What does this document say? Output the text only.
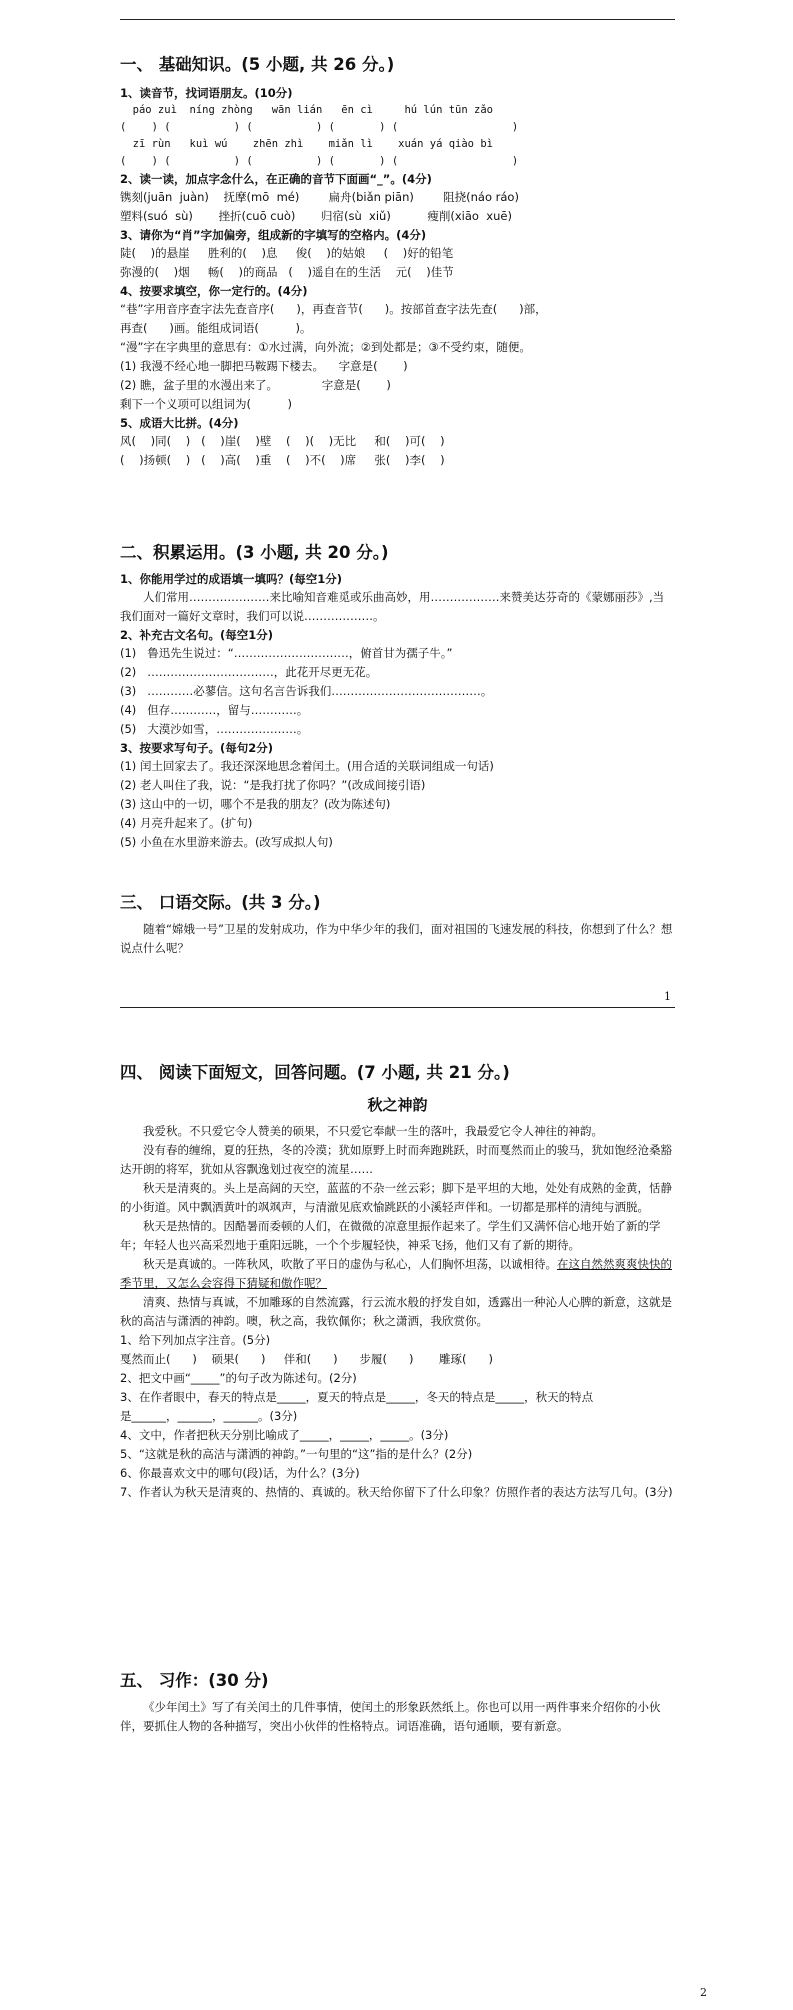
一、 基础知识。(5 小题, 共 26 分。)

1、读音节，找词语朋友。(10分)

páo zuì  níng zhòng   wān lián   ēn cì     hú lún tūn zǎo

(    ) (          ) (          ) (       ) (                  )

zī rùn   kuì wú    zhēn zhì    miǎn lì    xuán yá qiào bì

(    ) (          ) (          ) (       ) (                  )

2、读一读，加点字念什么，在正确的音节下面画“_”。(4分)

镌刻(juān  juàn)    抚摩(mō  mé)        扁舟(biǎn piān)        阻挠(náo ráo)

塑料(suó  sù)       挫折(cuō cuò)       归宿(sù  xiǔ)          瘦削(xiāo  xuē)

3、请你为“肖”字加偏旁，组成新的字填写的空格内。(4分)

陡(    )的悬崖     胜利的(    )息     俊(    )的姑娘     (    )好的铅笔

弥漫的(    )烟     畅(    )的商品   (    )遥自在的生活    元(    )佳节

4、按要求填空，你一定行的。(4分)

“巷”字用音序查字法先查音序(      )，再查音节(      )。按部首查字法先查(      )部，

再查(      )画。能组成词语(          )。

“漫”字在字典里的意思有：①水过满，向外流；②到处都是；③不受约束，随便。

(1) 我漫不经心地一脚把马鞍踢下楼去。    字意是(       )

(2) 瞧，盆子里的水漫出来了。            字意是(       )

剩下一个义项可以组词为(          )

5、成语大比拼。(4分)

风(    )同(    )   (    )崖(    )壁    (    )(    )无比     和(    )可(    )

(    )扬顿(    )   (    )高(    )重    (    )不(    )席     张(    )李(    )

二、积累运用。(3 小题, 共 20 分。)

1、你能用学过的成语填一填吗？(每空1分)

人们常用…………………来比喻知音难觅或乐曲高妙，用………………来赞美达芬奇的《蒙娜丽莎》,当我们面对一篇好文章时，我们可以说………………。

2、补充古文名句。(每空1分)

(1)   鲁迅先生说过：“…………………………，俯首甘为孺子牛。”

(2)   ……………………………，此花开尽更无花。

(3)   …………必蓼信。这句名言告诉我们…………………………………。

(4)   但存…………，留与…………。

(5)   大漠沙如雪，…………………。

3、按要求写句子。(每句2分)

(1) 闰土回家去了。我还深深地思念着闰土。(用合适的关联词组成一句话)

(2) 老人叫住了我，说：“是我打扰了你吗？”(改成间接引语)

(3) 这山中的一切，哪个不是我的朋友？(改为陈述句)

(4) 月亮升起来了。(扩句)

(5) 小鱼在水里游来游去。(改写成拟人句)

三、 口语交际。(共 3 分。)

随着“嫦娥一号”卫星的发射成功，作为中华少年的我们，面对祖国的飞速发展的科技，你想到了什么？想说点什么呢？

1

四、 阅读下面短文，回答问题。(7 小题, 共 21 分。)

秋之神韵

我爱秋。不只爱它令人赞美的硕果，不只爱它奉献一生的落叶，我最爱它令人神往的神韵。

没有春的缠绵，夏的狂热，冬的冷漠；犹如原野上时而奔跑跳跃，时而戛然而止的骏马，犹如饱经沧桑豁达开朗的将军，犹如从容飘逸划过夜空的流星……

秋天是清爽的。头上是高阔的天空，蓝蓝的不杂一丝云彩；脚下是平坦的大地，处处有成熟的金黄，恬静的小街道。风中飘洒黄叶的飒飒声，与清澈见底欢愉跳跃的小溪轻声伴和。一切都是那样的清纯与洒脱。

秋天是热情的。因酷暑而委顿的人们，在微微的凉意里振作起来了。学生们又满怀信心地开始了新的学年；年轻人也兴高采烈地于重阳远眺，一个个步履轻快，神采飞扬，他们又有了新的期待。

秋天是真诚的。一阵秋风，吹散了平日的虚伪与私心，人们胸怀坦荡，以诚相待。在这自然然爽爽快快的季节里，又怎么会容得下猜疑和傲作呢？

清爽、热情与真诚，不加雕琢的自然流露，行云流水般的抒发自如，透露出一种沁人心脾的新意，这就是秋的高洁与潇洒的神韵。噢，秋之高，我钦佩你；秋之潇洒，我欣赏你。

1、给下列加点字注音。(5分)

戛然而止(      )    硕果(      )     伴和(      )      步履(      )       雕琢(      )

2、把文中画“_____”的句子改为陈述句。(2分)

3、在作者眼中，春天的特点是_____，夏天的特点是_____，冬天的特点是_____，秋天的特点

是______，______，______。(3分)

4、文中，作者把秋天分别比喻成了_____，_____，_____。(3分)

5、“这就是秋的高洁与潇洒的神韵。”一句里的“这”指的是什么？(2分)

6、你最喜欢文中的哪句(段)话，为什么？(3分)

7、作者认为秋天是清爽的、热情的、真诚的。秋天给你留下了什么印象？仿照作者的表达方法写几句。(3分)

五、 习作：(30 分)

《少年闰土》写了有关闰土的几件事情，使闰土的形象跃然纸上。你也可以用一两件事来介绍你的小伙伴，要抓住人物的各种描写，突出小伙伴的性格特点。词语准确，语句通顺，要有新意。

2
